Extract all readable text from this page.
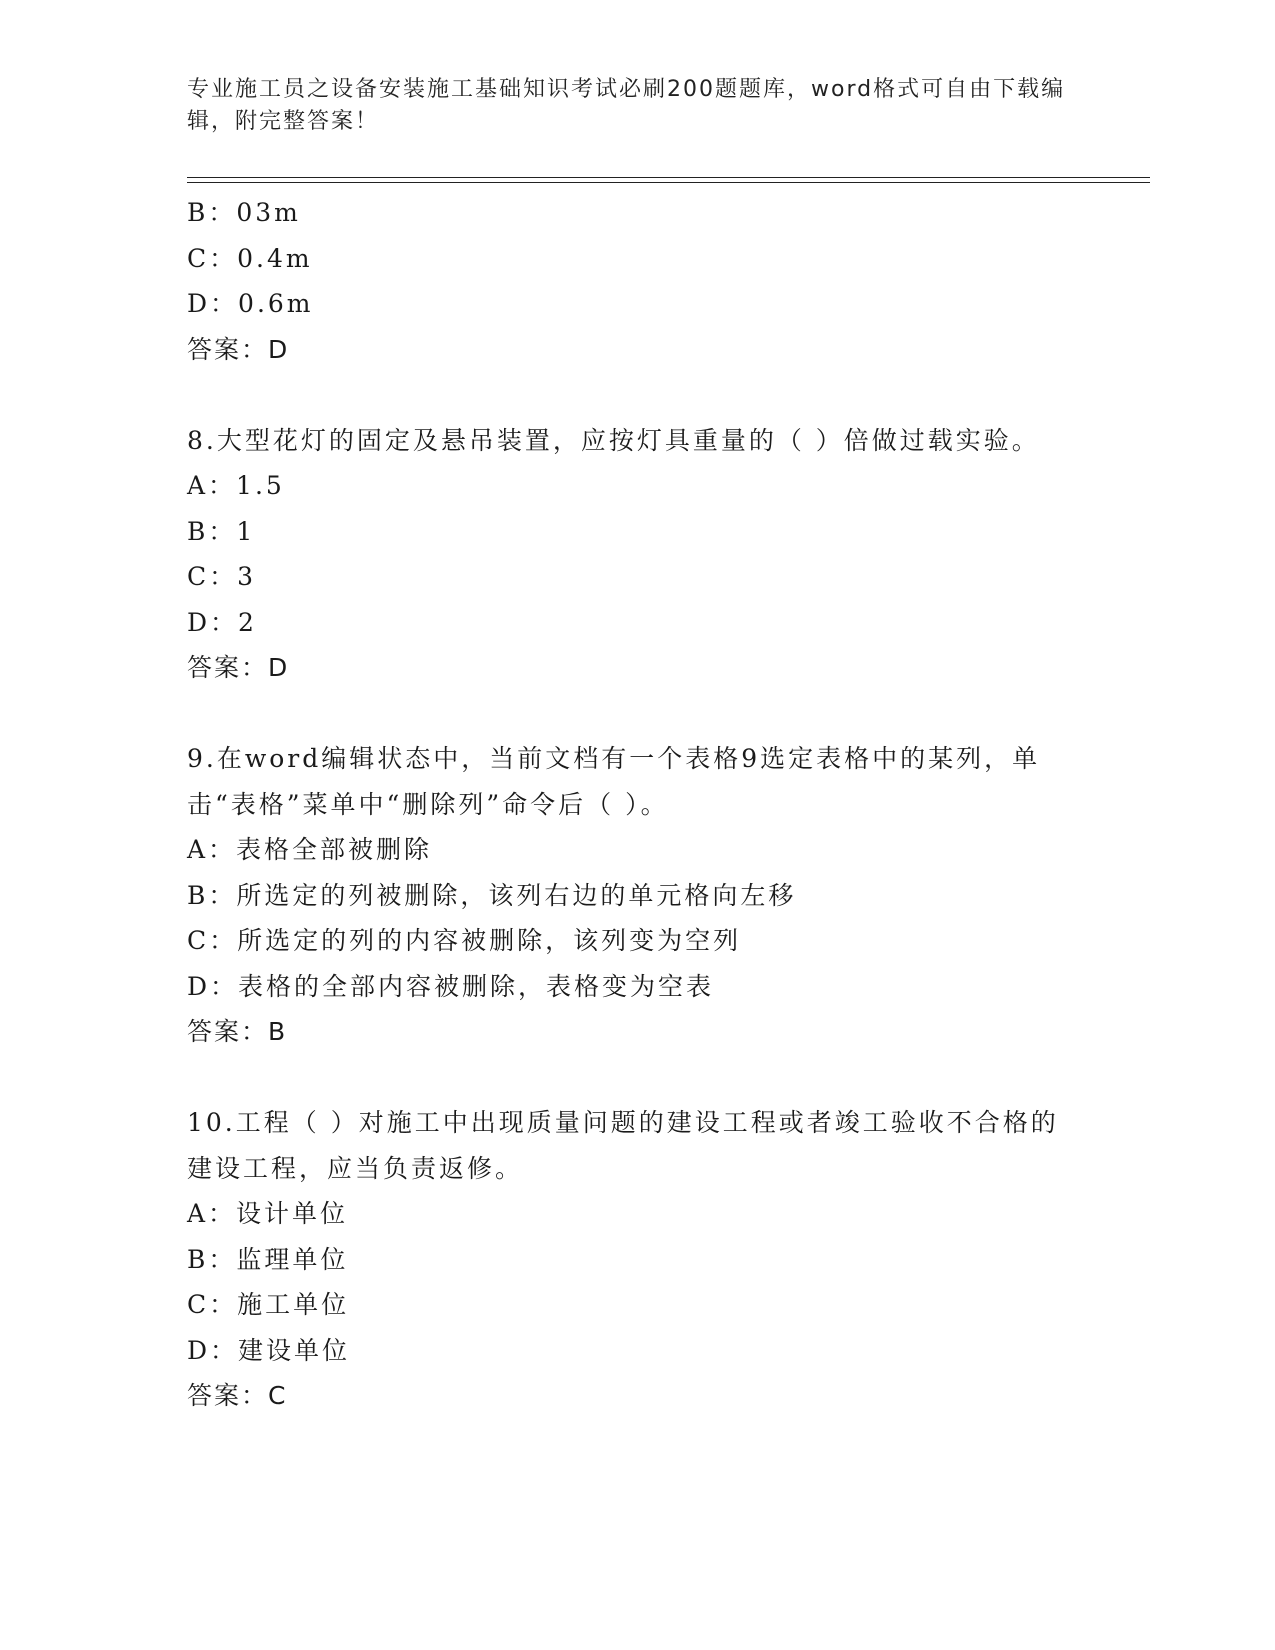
专业施工员之设备安装施工基础知识考试必刷200题题库，word格式可自由下载编辑，附完整答案！
B：03m
C：0.4m
D：0.6m
答案：D
8.大型花灯的固定及悬吊装置，应按灯具重量的（ ）倍做过载实验。
A：1.5
B：1
C：3
D：2
答案：D
9.在word编辑状态中，当前文档有一个表格9选定表格中的某列，单击“表格”菜单中“删除列”命令后（ ）。
A：表格全部被删除
B：所选定的列被删除，该列右边的单元格向左移
C：所选定的列的内容被删除，该列变为空列
D：表格的全部内容被删除，表格变为空表
答案：B
10.工程（ ）对施工中出现质量问题的建设工程或者竣工验收不合格的建设工程，应当负责返修。
A：设计单位
B：监理单位
C：施工单位
D：建设单位
答案：C
